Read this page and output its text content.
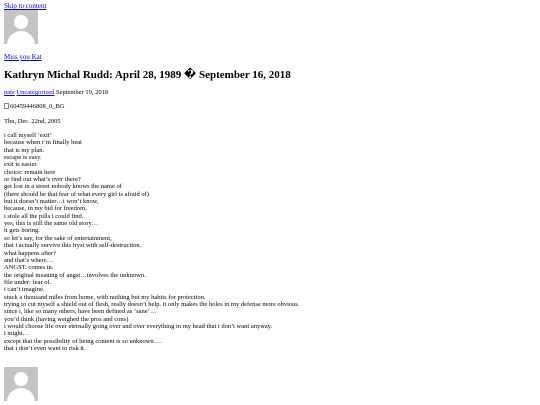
Skip to content
Miss you Kat
Kathryn Michal Rudd: April 28, 1989 � September 16, 2018
nate Uncategorized September 19, 2018
60459446808_0_BG
Thu, Dec. 22nd, 2005
i call myself ‘exit’
because when i’m finally beat
that is my plan.
escape is easy.
exit is easier.
choice: remain here
or find out what’s over there?
get lost in a street nobody knows the name of
(there should be that fear of what every girl is afraid of)
but it doesn’t matter…i won’t know,
because, in my bid for freedom,
i stole all the pills i could find.
yes, this is still the same old story…
it gets boring.
so let’s say, for the sake of entertainment,
that i actually survive this tryst with self-destruction.
what happens after?
and that’s where…
ANGST. comes in.
the original meaning of angst…involves the unknown.
file under: fear of.
i can’t imagine.
stuck a thousand miles from home, with nothing but my habits for protection.
trying to cut myself a shield out of flesh, really doesn’t help. it only makes the holes in my defense more obvious.
since i, like so many others, have been defined as ‘sane’…
you’d think (having weighed the pros and cons)
i would choose life over eternally going over and over everything in my head that i don’t want anyway.
i might…
except that the possibility of being content is so unknown….
that i don’t even want to risk it.
